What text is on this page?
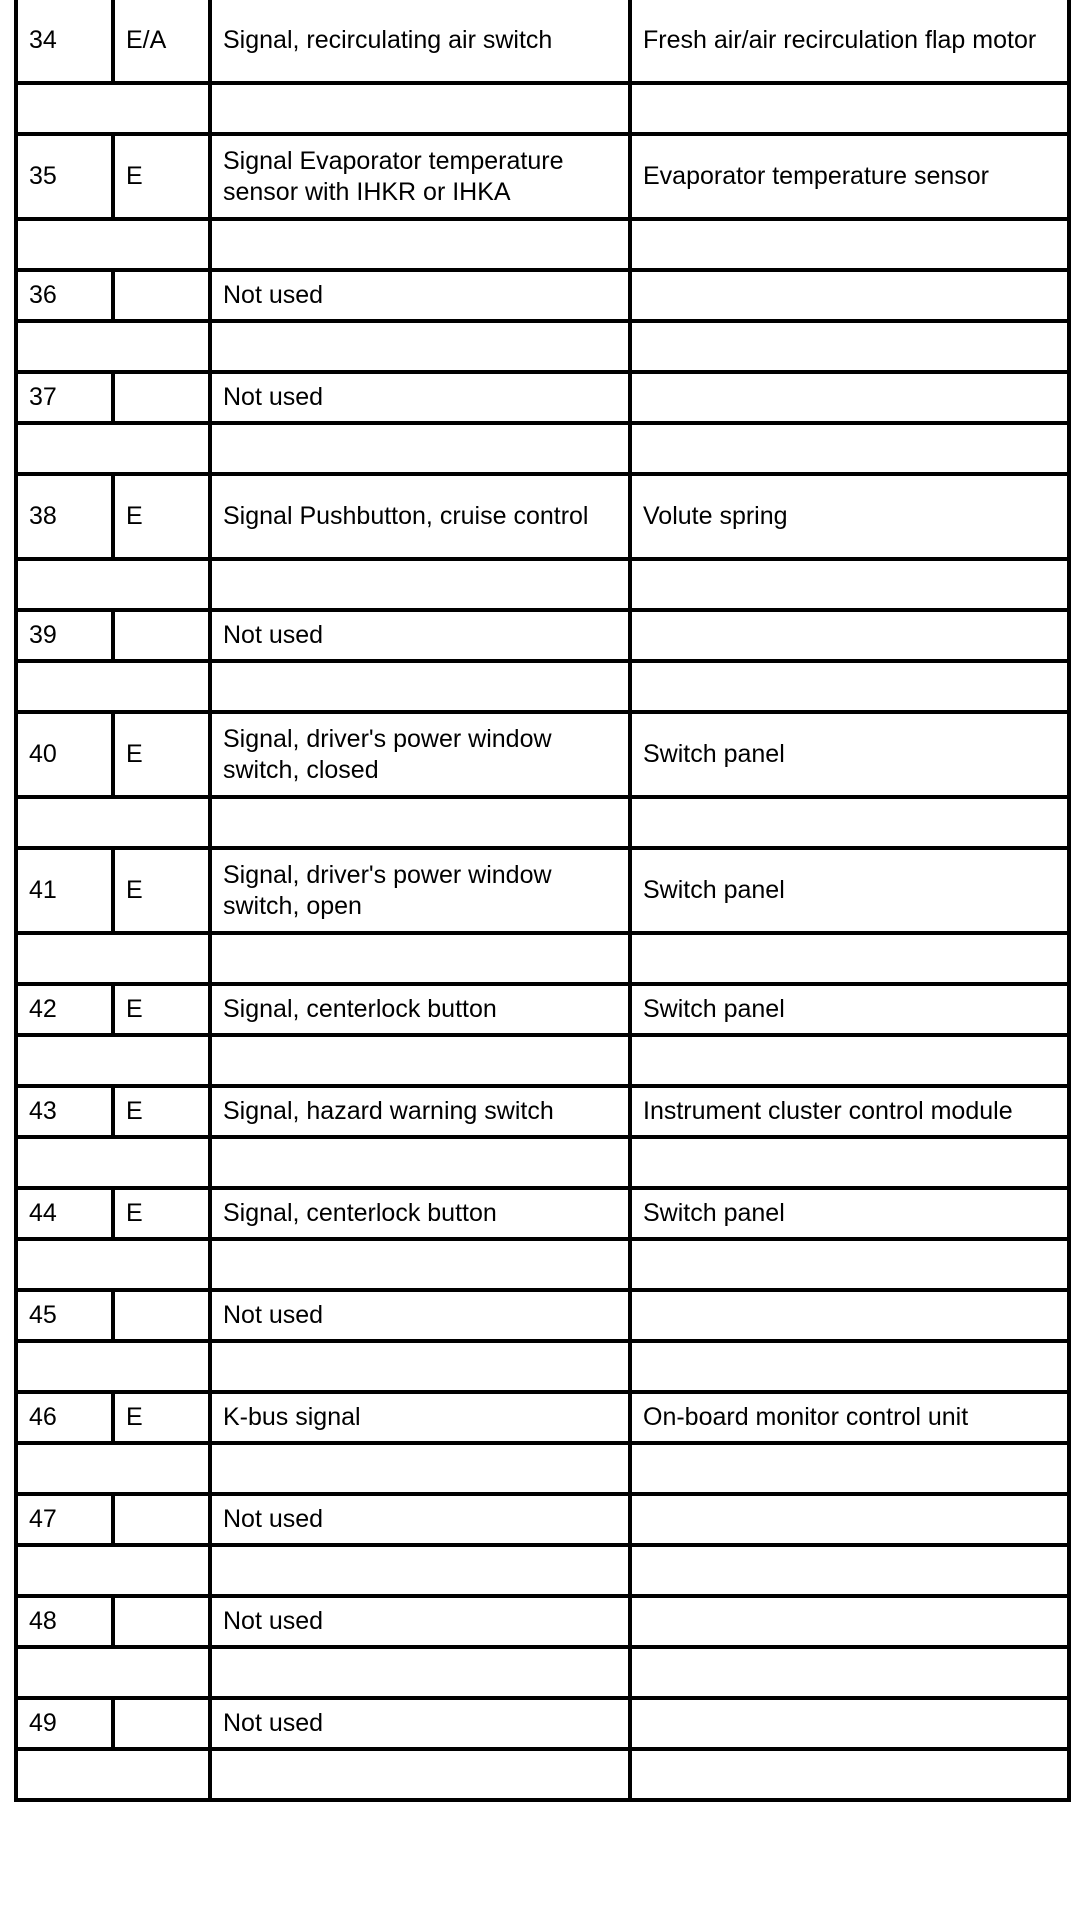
34	E/A	Signal, recirculating air switch	Fresh air/air recirculation flap motor

35	E	Signal Evaporator temperature sensor with IHKR or IHKA	Evaporator temperature sensor

36		Not used	

37		Not used	

38	E	Signal Pushbutton, cruise control	Volute spring

39		Not used	

40	E	Signal, driver's power window switch, closed	Switch panel

41	E	Signal, driver's power window switch, open	Switch panel

42	E	Signal, centerlock button	Switch panel

43	E	Signal, hazard warning switch	Instrument cluster control module

44	E	Signal, centerlock button	Switch panel

45		Not used	

46	E	K-bus signal	On-board monitor control unit

47		Not used	

48		Not used	

49		Not used	
